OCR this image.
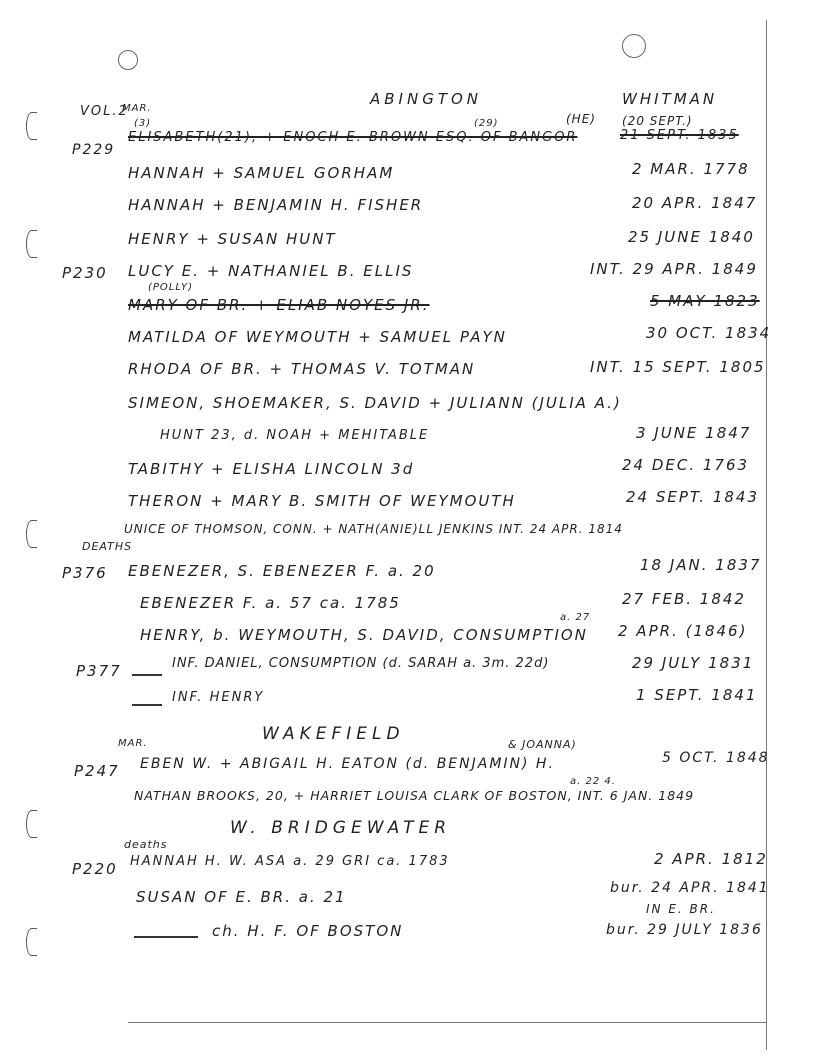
VOL.2
MAR.
ABINGTON	WHITMAN
(3)	(29)	(HE) (20 SEPT.)
P229
ELISABETH(21), + ENOCH E. BROWN ESQ. OF BANGOR	21 SEPT. 1835
HANNAH + SAMUEL GORHAM	2 MAR. 1778
HANNAH + BENJAMIN H. FISHER	20 APR. 1847
HENRY + SUSAN HUNT	25 JUNE 1840
P230 LUCY E. + NATHANIEL B. ELLIS	INT. 29 APR. 1849
(POLLY)
MARY OF BR. + ELIAB NOYES JR.	5 MAY 1823
MATILDA OF WEYMOUTH + SAMUEL PAYN	30 OCT. 1834
RHODA OF BR. + THOMAS V. TOTMAN	INT. 15 SEPT. 1805
SIMEON, SHOEMAKER, S. DAVID + JULIANN (JULIA A.)
HUNT 23, d. NOAH + MEHITABLE	3 JUNE 1847
TABITHY + ELISHA LINCOLN 3d	24 DEC. 1763
THERON + MARY B. SMITH OF WEYMOUTH	24 SEPT. 1843
UNICE OF THOMSON, CONN. + NATH(ANIE)LL JENKINS INT. 24 APR. 1814
DEATHS
P376 EBENEZER, S. EBENEZER F. a. 20	18 JAN. 1837
EBENEZER F. a. 57 ca. 1785	27 FEB. 1842
HENRY, b. WEYMOUTH, S. DAVID, CONSUMPTION
a. 27
2 APR. (1846)
P377	INF. DANIEL, CONSUMPTION (d. SARAH a. 3m. 22d)	29 JULY 1831
INF. HENRY	1 SEPT. 1841
WAKEFIELD
MAR.	& JOANNA)
P247 EBEN W. + ABIGAIL H. EATON (d. BENJAMIN) H.	5 OCT. 1848
a. 22 4.
NATHAN BROOKS, 20, + HARRIET LOUISA CLARK OF BOSTON, INT. 6 JAN. 1849
W. BRIDGEWATER
deaths
P220 HANNAH H. W. ASA a. 29 GRI ca. 1783	2 APR. 1812
SUSAN OF E. BR. a. 21	bur. 24 APR. 1841
IN E. BR.
ch. H. F. OF BOSTON	bur. 29 JULY 1836
